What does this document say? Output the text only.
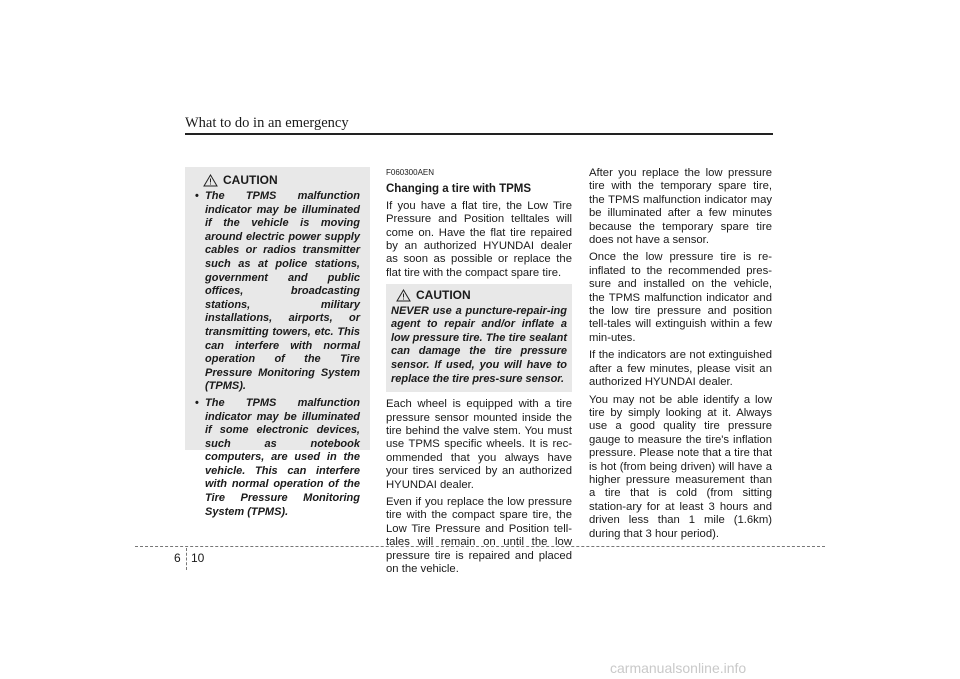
What to do in an emergency
CAUTION
• The TPMS malfunction indicator may be illuminated if the vehicle is moving around electric power supply cables or radios transmitter such as at police stations, government and public offices, broadcasting stations, military installations, airports, or transmitting towers, etc. This can interfere with normal operation of the Tire Pressure Monitoring System (TPMS).
• The TPMS malfunction indicator may be illuminated if some electronic devices, such as notebook computers, are used in the vehicle. This can interfere with normal operation of the Tire Pressure Monitoring System (TPMS).
F060300AEN
Changing a tire with TPMS

If you have a flat tire, the Low Tire Pressure and Position telltales will come on. Have the flat tire repaired by an authorized HYUNDAI dealer as soon as possible or replace the flat tire with the compact spare tire.

CAUTION
NEVER use a puncture-repair-ing agent to repair and/or inflate a low pressure tire. The tire sealant can damage the tire pressure sensor. If used, you will have to replace the tire pres-sure sensor.

Each wheel is equipped with a tire pressure sensor mounted inside the tire behind the valve stem. You must use TPMS specific wheels. It is rec-ommended that you always have your tires serviced by an authorized HYUNDAI dealer.

Even if you replace the low pressure tire with the compact spare tire, the Low Tire Pressure and Position tell-tales will remain on until the low pressure tire is repaired and placed on the vehicle.

After you replace the low pressure tire with the temporary spare tire, the TPMS malfunction indicator may be illuminated after a few minutes because the temporary spare tire does not have a sensor.

Once the low pressure tire is re-inflated to the recommended pres-sure and installed on the vehicle, the TPMS malfunction indicator and the low tire pressure and position tell-tales will extinguish within a few min-utes.

If the indicators are not extinguished after a few minutes, please visit an authorized HYUNDAI dealer.

You may not be able identify a low tire by simply looking at it. Always use a good quality tire pressure gauge to measure the tire's inflation pressure. Please note that a tire that is hot (from being driven) will have a higher pressure measurement than a tire that is cold (from sitting station-ary for at least 3 hours and driven less than 1 mile (1.6km) during that 3 hour period).

6 10
carmanualsonline.info
